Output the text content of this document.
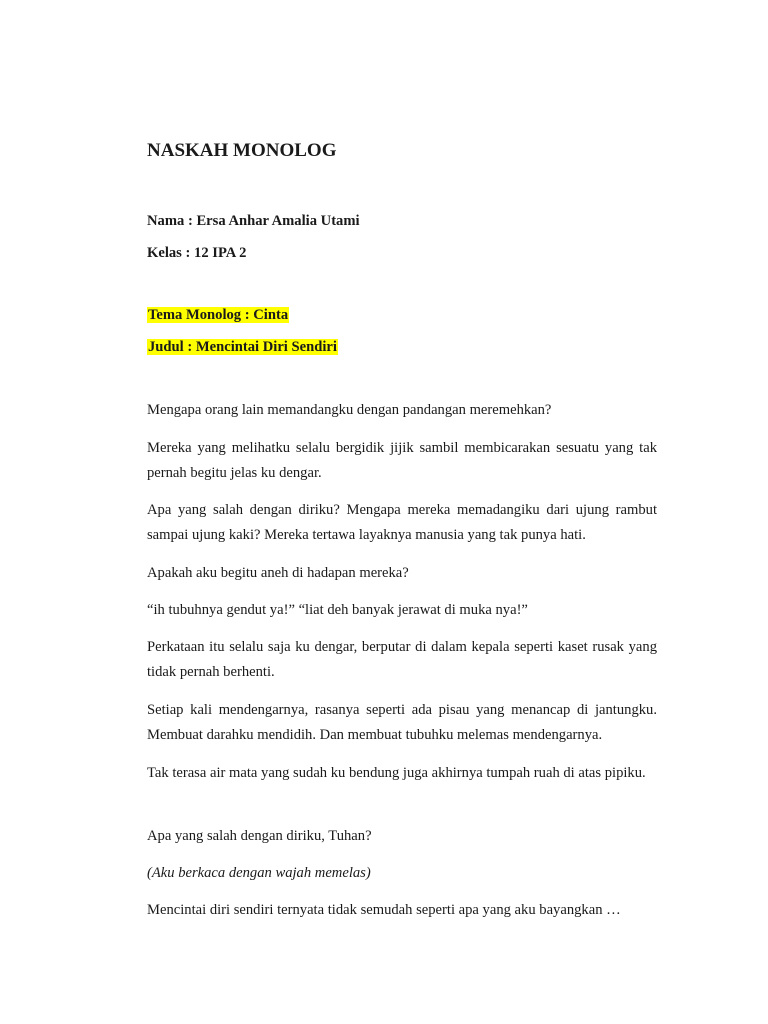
NASKAH MONOLOG
Nama : Ersa Anhar Amalia Utami
Kelas : 12 IPA 2
Tema Monolog : Cinta
Judul : Mencintai Diri Sendiri
Mengapa orang lain memandangku dengan pandangan meremehkan?
Mereka yang melihatku selalu bergidik jijik sambil membicarakan sesuatu yang tak pernah begitu jelas ku dengar.
Apa yang salah dengan diriku? Mengapa mereka memadangiku dari ujung rambut sampai ujung kaki? Mereka tertawa layaknya manusia yang tak punya hati.
Apakah aku begitu aneh di hadapan mereka?
“ih tubuhnya gendut ya!” “liat deh banyak jerawat di muka nya!”
Perkataan itu selalu saja ku dengar, berputar di dalam kepala seperti kaset rusak yang tidak pernah berhenti.
Setiap kali mendengarnya, rasanya seperti ada pisau yang menancap di jantungku. Membuat darahku mendidih. Dan membuat tubuhku melemas mendengarnya.
Tak terasa air mata yang sudah ku bendung juga akhirnya tumpah ruah di atas pipiku.
Apa yang salah dengan diriku, Tuhan?
(Aku berkaca dengan wajah memelas)
Mencintai diri sendiri ternyata tidak semudah seperti apa yang aku bayangkan …
